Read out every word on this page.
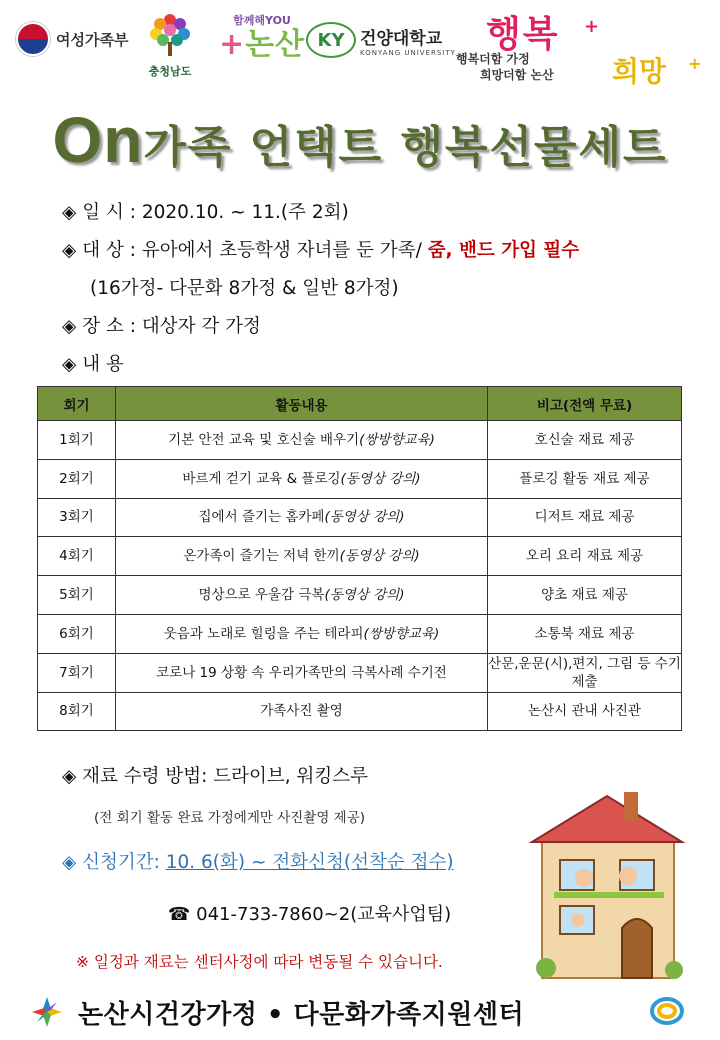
여성가족부
충청남도
함께해YOU
+논산 KY 건양대학교
KONYANG UNIVERSITY 행복 +
행복더함 가정
희망더함 논산 희망 +
On가족 언택트 행복선물세트
◈ 일 시 : 2020.10. ~ 11.(주 2회)
◈ 대 상 : 유아에서 초등학생 자녀를 둔 가족/ 줌, 밴드 가입 필수
(16가정- 다문화 8가정 & 일반 8가정)
◈ 장 소 : 대상자 각 가정
◈ 내 용
회기	활동내용	비고(전액 무료)
1회기	기본 안전 교육 및 호신술 배우기(쌍방향교육)	호신술 재료 제공
2회기	바르게 걷기 교육 & 플로깅(동영상 강의)	플로깅 활동 재료 제공
3회기	집에서 즐기는 홈카페(동영상 강의)	디저트 재료 제공
4회기	온가족이 즐기는 저녁 한끼(동영상 강의)	오리 요리 재료 제공
5회기	명상으로 우울감 극복(동영상 강의)	양초 재료 제공
6회기	웃음과 노래로 힐링을 주는 테라피(쌍방향교육)	소통북 재료 제공
7회기	코로나 19 상황 속 우리가족만의 극복사례 수기전	산문,운문(시),편지, 그림 등 수기 제출
8회기	가족사진 촬영	논산시 관내 사진관
◈ 재료 수령 방법: 드라이브, 워킹스루
(전 회기 활동 완료 가정에게만 사진촬영 제공)
◈ 신청기간: 10. 6(화) ~ 전화신청(선착순 접수)
☎ 041-733-7860~2(교육사업팀)
※ 일정과 재료는 센터사정에 따라 변동될 수 있습니다.
논산시건강가정 • 다문화가족지원센터
